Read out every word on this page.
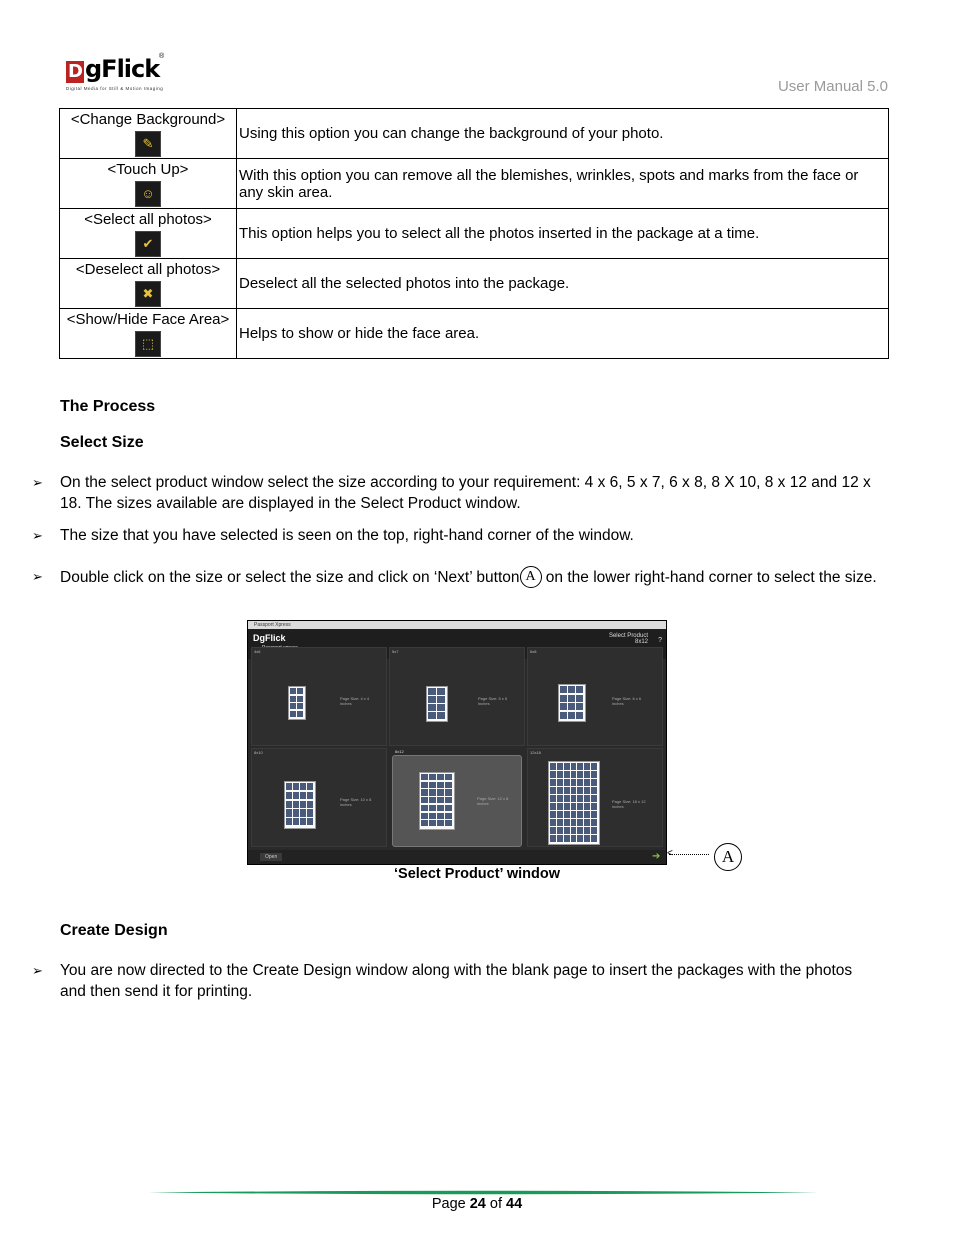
D gFlick ®
Digital Media for Still & Motion Imaging	User Manual 5.0
<Change Background>
✎	Using this option you can change the background of your photo.
<Touch Up>
☺	With this option you can remove all the blemishes, wrinkles, spots and marks from the face or any skin area.
<Select all photos>
✔	This option helps you to select all the photos inserted in the package at a time.
<Deselect all photos>
✖	Deselect all the selected photos into the package.
<Show/Hide Face Area>
⬚	Helps to show or hide the face area.
The Process
Select Size
➢ On the select product window select the size according to your requirement: 4 x 6, 5 x 7, 6 x 8, 8 X 10, 8 x 12 and 12 x 18. The sizes available are displayed in the Select Product window.
➢ The size that you have selected is seen on the top, right-hand corner of the window.
➢ Double click on the size or select the size and click on ‘Next’ button A on the lower right-hand corner to select the size.
Passport Xpress
DgFlick	Select Product
8x12 ?
4x6
Page Size: 4 x 4 inches
5x7
Page Size: 5 x 5 inches
6x8
Page Size: 6 x 6 inches
8x10
Page Size: 10 x 8 inches
8x12
Page Size: 12 x 8 inches
12x18
Page Size: 18 x 12 inches
Open	➔ <	A
‘Select Product’ window
Create Design
➢ You are now directed to the Create Design window along with the blank page to insert the packages with the photos and then send it for printing.
Page 24 of 44
